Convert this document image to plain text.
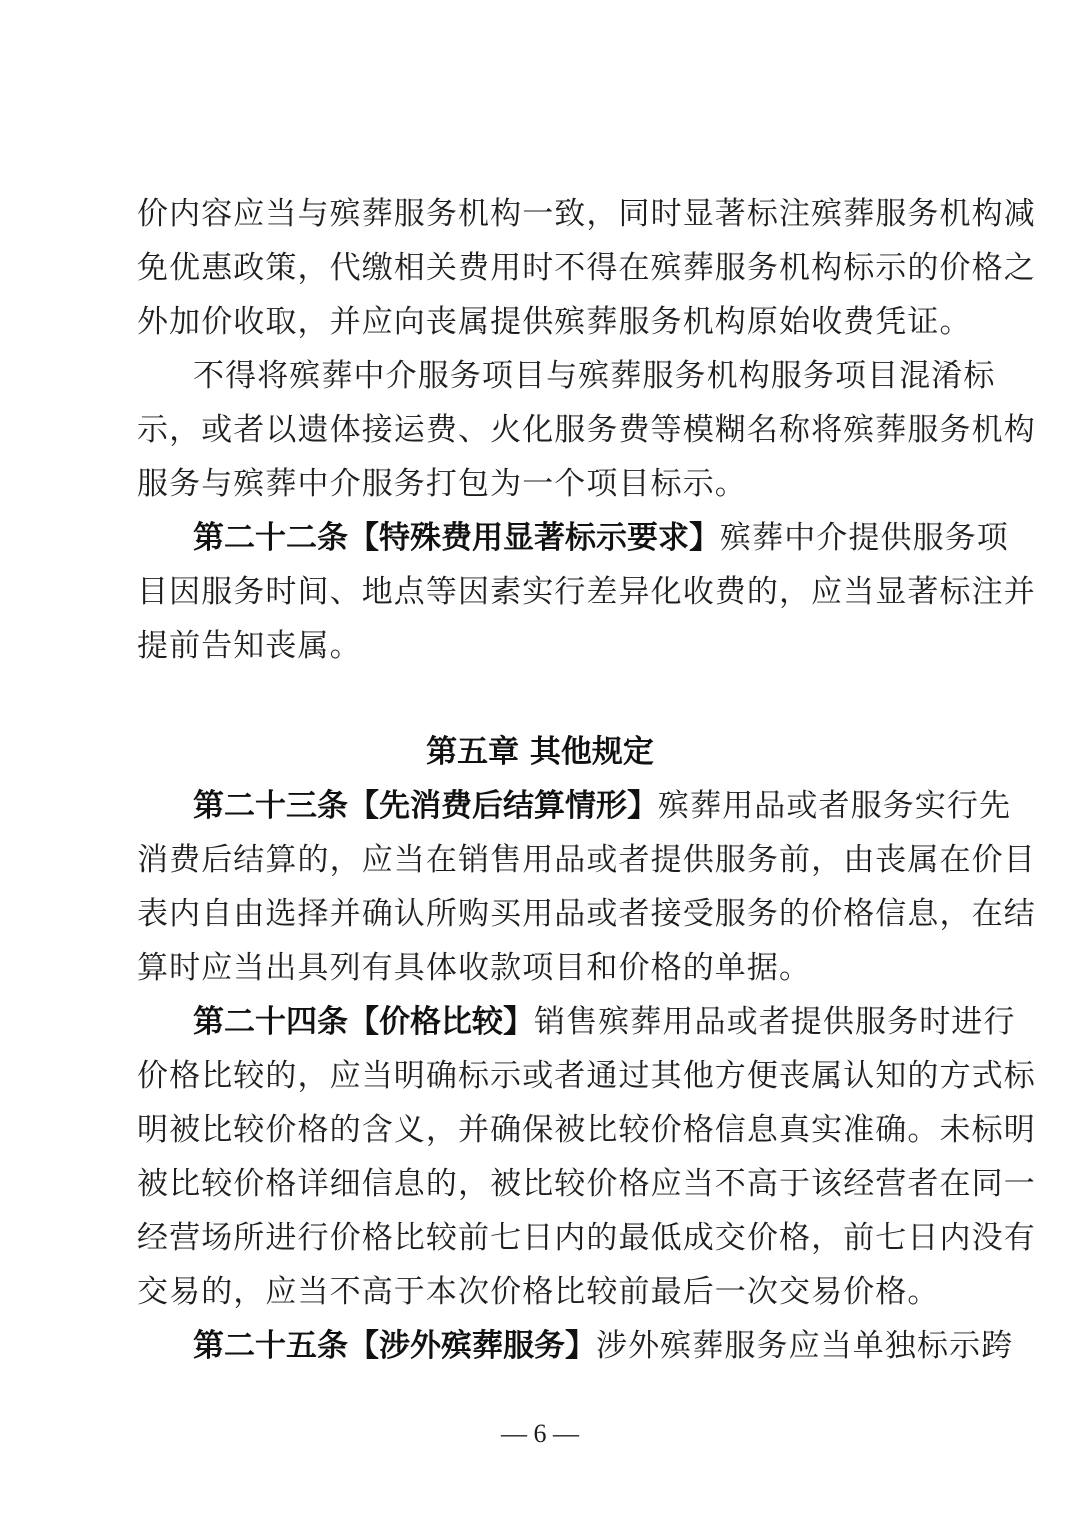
价内容应当与殡葬服务机构一致，同时显著标注殡葬服务机构减
免优惠政策，代缴相关费用时不得在殡葬服务机构标示的价格之
外加价收取，并应向丧属提供殡葬服务机构原始收费凭证。
不得将殡葬中介服务项目与殡葬服务机构服务项目混淆标
示，或者以遗体接运费、火化服务费等模糊名称将殡葬服务机构
服务与殡葬中介服务打包为一个项目标示。
第二十二条【特殊费用显著标示要求】殡葬中介提供服务项
目因服务时间、地点等因素实行差异化收费的，应当显著标注并
提前告知丧属。
第五章 其他规定
第二十三条【先消费后结算情形】殡葬用品或者服务实行先
消费后结算的，应当在销售用品或者提供服务前，由丧属在价目
表内自由选择并确认所购买用品或者接受服务的价格信息，在结
算时应当出具列有具体收款项目和价格的单据。
第二十四条【价格比较】销售殡葬用品或者提供服务时进行
价格比较的，应当明确标示或者通过其他方便丧属认知的方式标
明被比较价格的含义，并确保被比较价格信息真实准确。未标明
被比较价格详细信息的，被比较价格应当不高于该经营者在同一
经营场所进行价格比较前七日内的最低成交价格，前七日内没有
交易的，应当不高于本次价格比较前最后一次交易价格。
第二十五条【涉外殡葬服务】涉外殡葬服务应当单独标示跨
— 6 —
